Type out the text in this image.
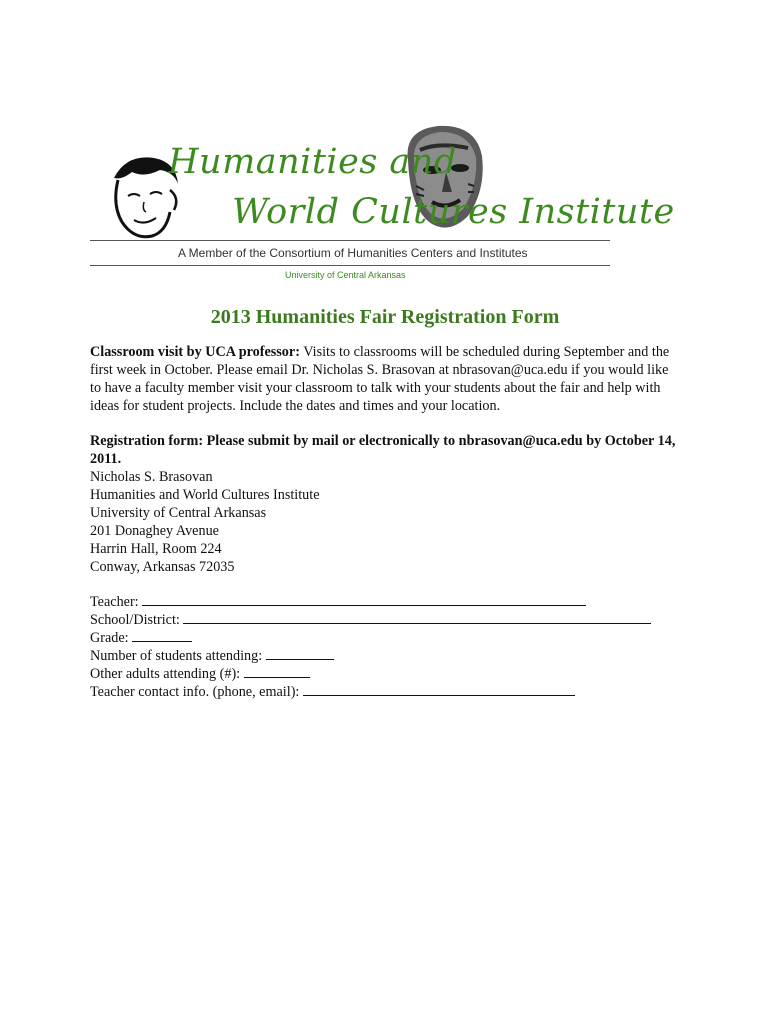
Humanities and
World Cultures Institute
A Member of the Consortium of Humanities Centers and Institutes
University of Central Arkansas
2013 Humanities Fair Registration Form

Classroom visit by UCA professor: Visits to classrooms will be scheduled during September and the first week in October. Please email Dr. Nicholas S. Brasovan at nbrasovan@uca.edu if you would like to have a faculty member visit your classroom to talk with your students about the fair and help with ideas for student projects. Include the dates and times and your location.

Registration form: Please submit by mail or electronically to nbrasovan@uca.edu by October 14, 2011.
Nicholas S. Brasovan
Humanities and World Cultures Institute
University of Central Arkansas
201 Donaghey Avenue
Harrin Hall, Room 224
Conway, Arkansas 72035
Teacher:
School/District:
Grade:
Number of students attending:
Other adults attending (#):
Teacher contact info. (phone, email):
